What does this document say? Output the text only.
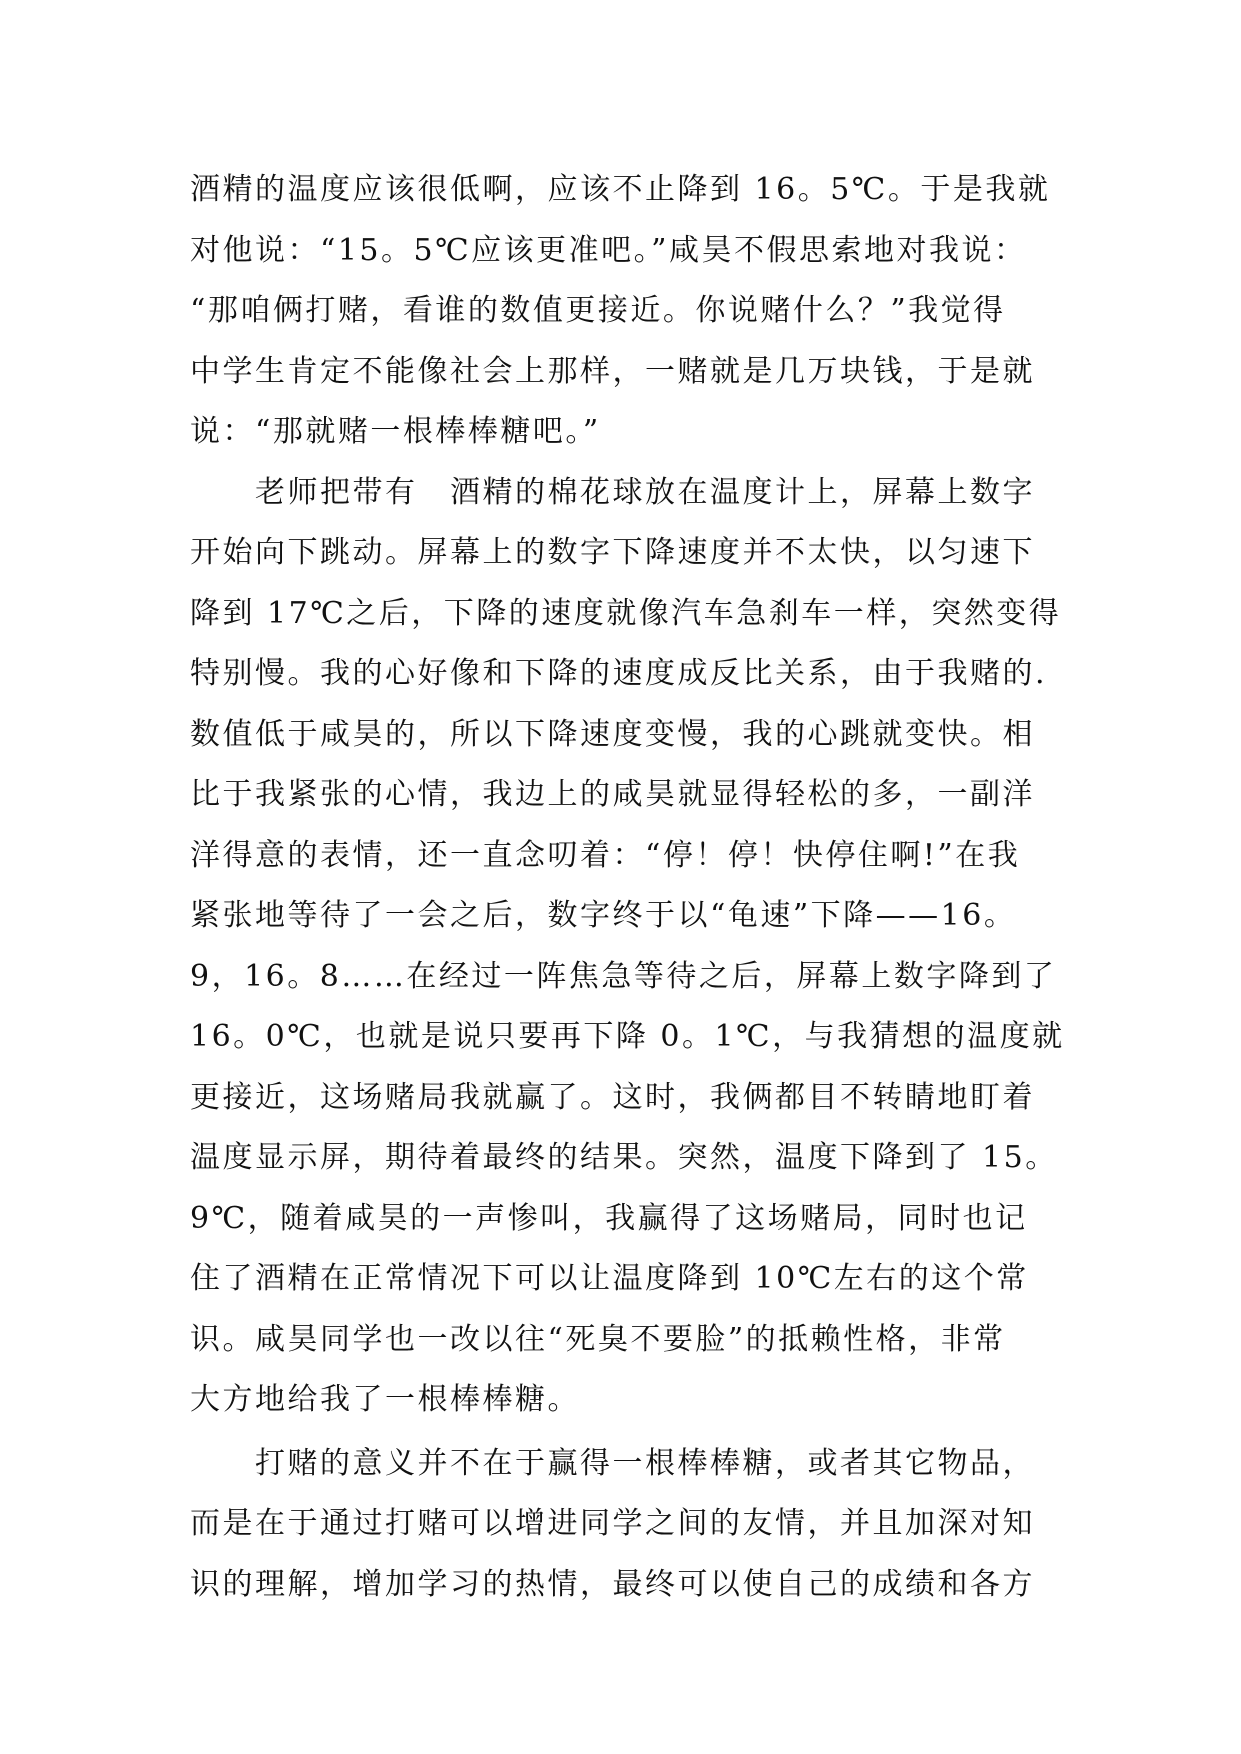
酒精的温度应该很低啊，应该不止降到 16。5℃。于是我就
对他说：“15。5℃应该更准吧。”咸昊不假思索地对我说：
“那咱俩打赌，看谁的数值更接近。你说赌什么？”我觉得
中学生肯定不能像社会上那样，一赌就是几万块钱，于是就
说：“那就赌一根棒棒糖吧。”
　　老师把带有　酒精的棉花球放在温度计上，屏幕上数字
开始向下跳动。屏幕上的数字下降速度并不太快，以匀速下
降到 17℃之后，下降的速度就像汽车急刹车一样，突然变得
特别慢。我的心好像和下降的速度成反比关系，由于我赌的.
数值低于咸昊的，所以下降速度变慢，我的心跳就变快。相
比于我紧张的心情，我边上的咸昊就显得轻松的多，一副洋
洋得意的表情，还一直念叨着：“停！停！快停住啊!”在我
紧张地等待了一会之后，数字终于以“龟速”下降——16。
9，16。8……在经过一阵焦急等待之后，屏幕上数字降到了
16。0℃，也就是说只要再下降 0。1℃，与我猜想的温度就
更接近，这场赌局我就赢了。这时，我俩都目不转睛地盯着
温度显示屏，期待着最终的结果。突然，温度下降到了 15。
9℃，随着咸昊的一声惨叫，我赢得了这场赌局，同时也记
住了酒精在正常情况下可以让温度降到 10℃左右的这个常
识。咸昊同学也一改以往“死臭不要脸”的抵赖性格，非常
大方地给我了一根棒棒糖。
　　打赌的意义并不在于赢得一根棒棒糖，或者其它物品，
而是在于通过打赌可以增进同学之间的友情，并且加深对知
识的理解，增加学习的热情，最终可以使自己的成绩和各方
